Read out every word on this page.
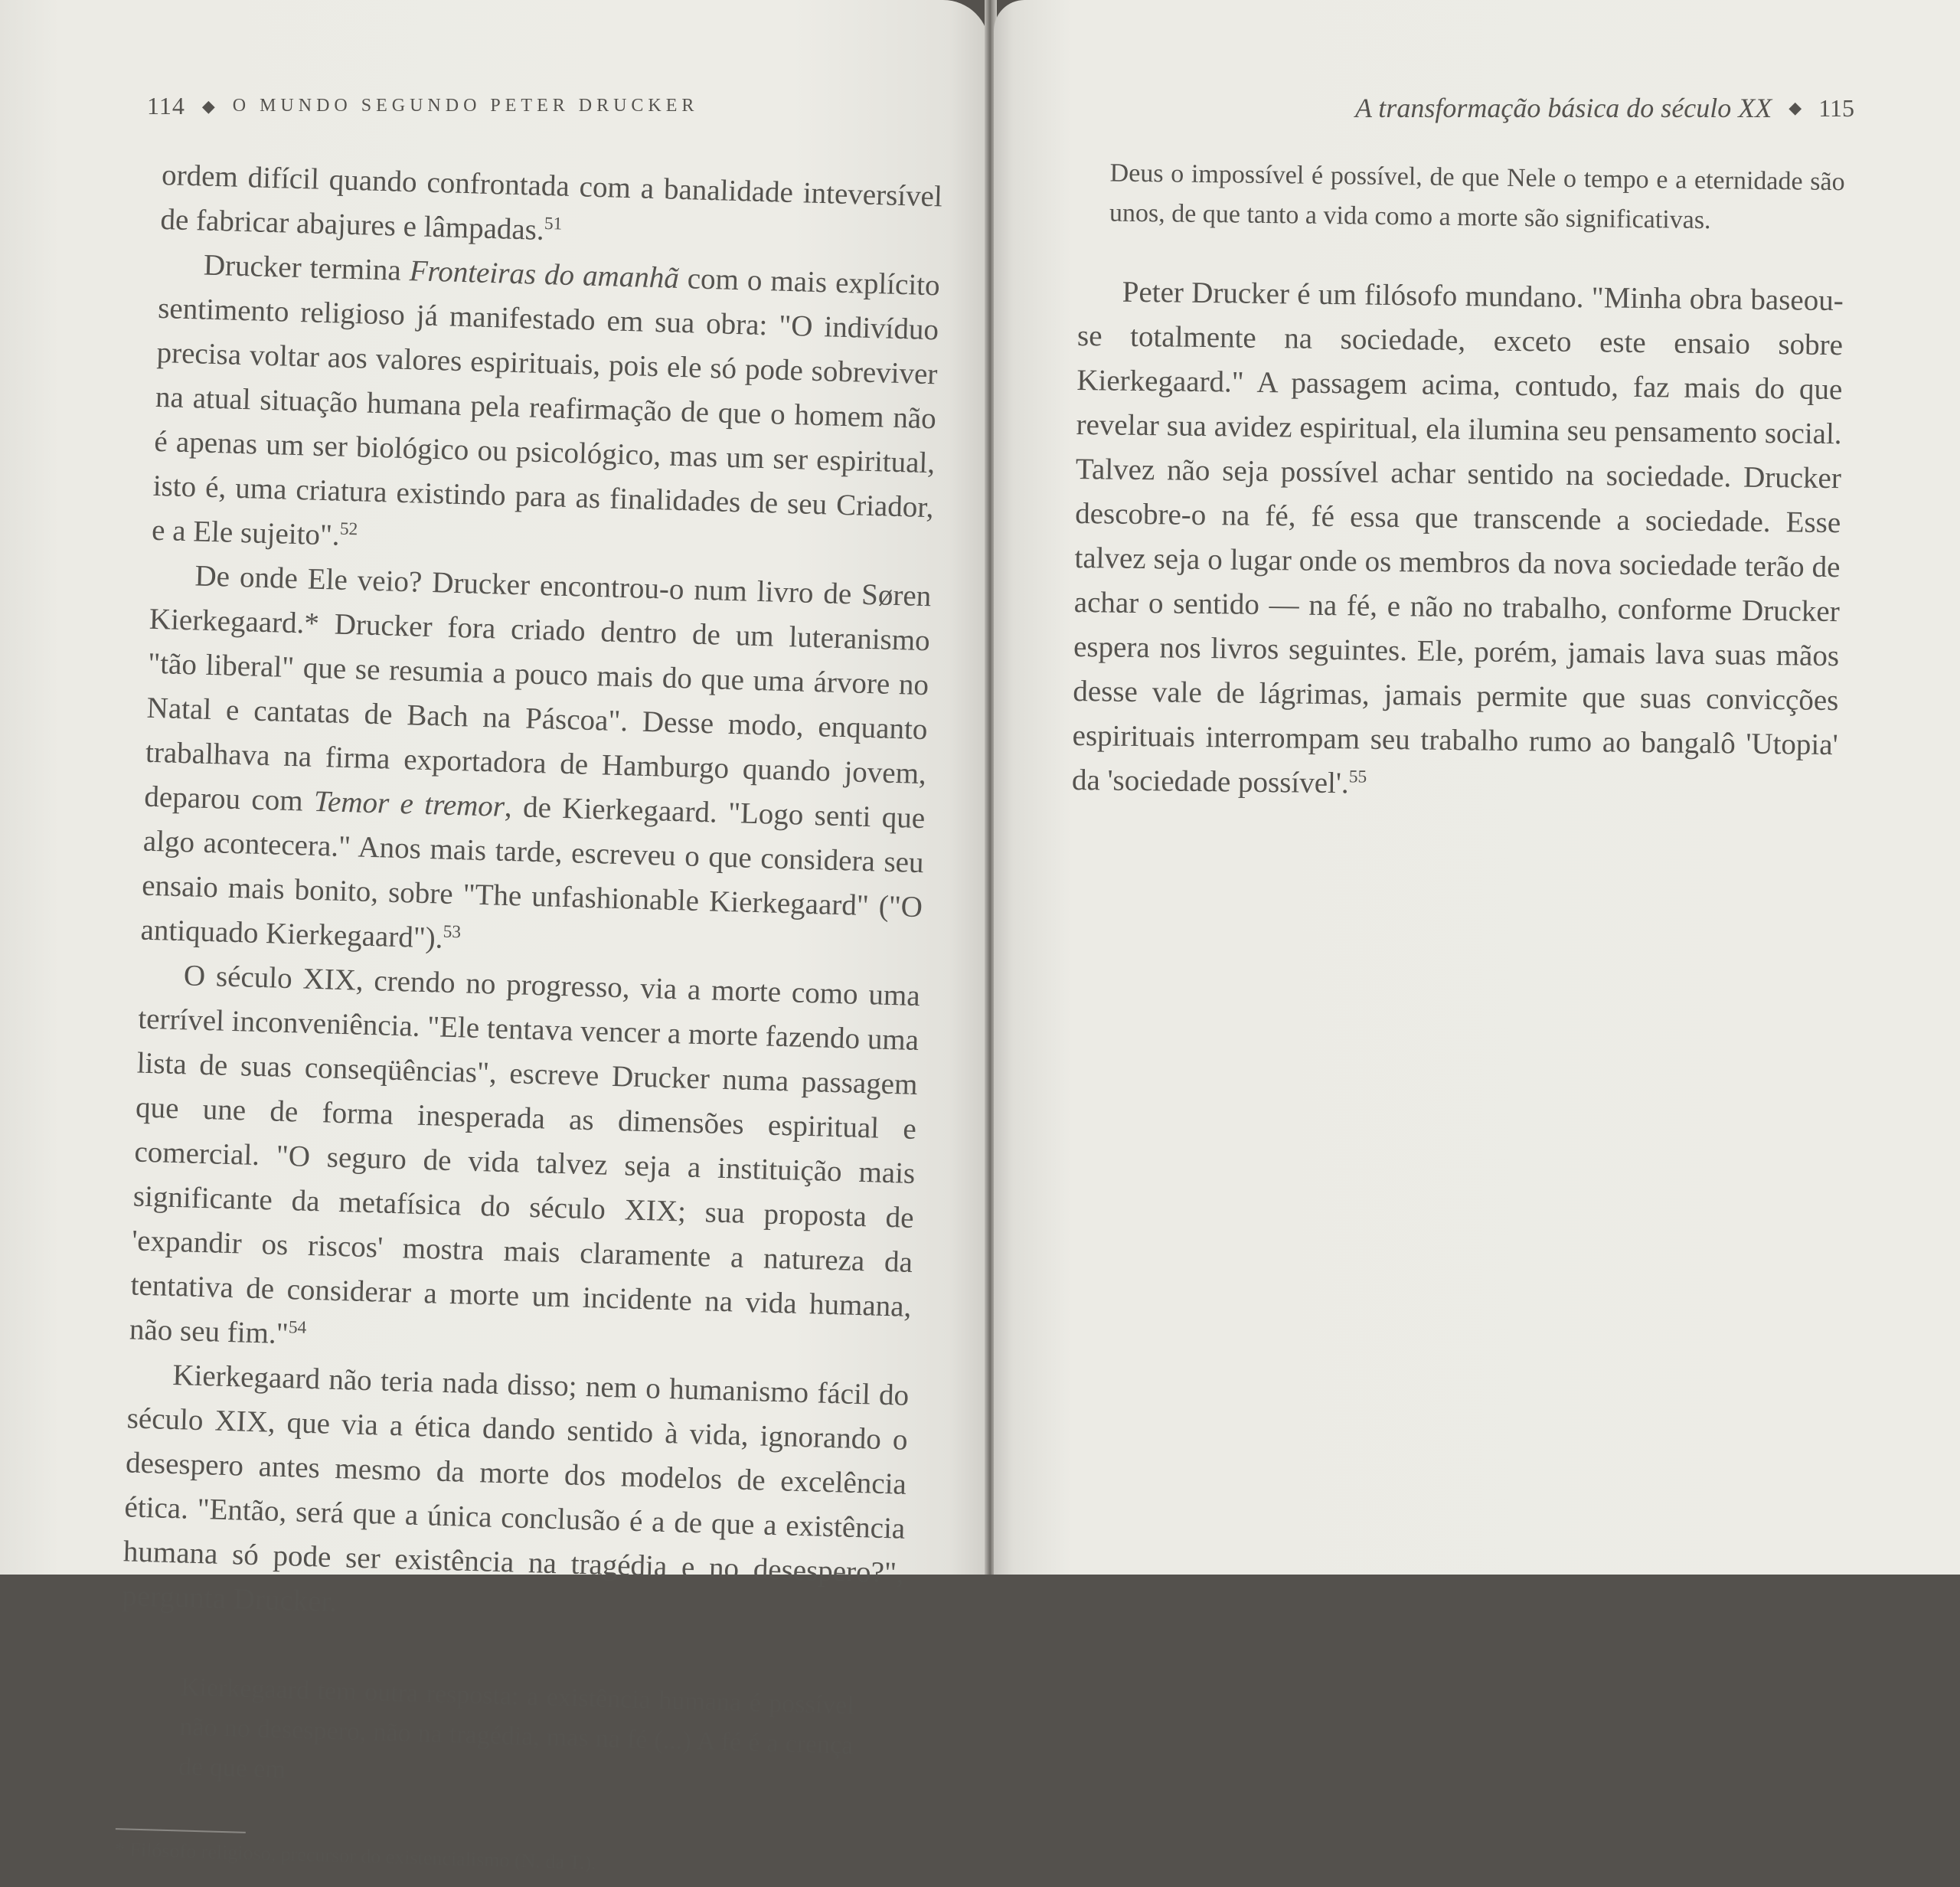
114 ◆ O MUNDO SEGUNDO PETER DRUCKER

ordem difícil quando confrontada com a banalidade inteversível de fabricar abajures e lâmpadas.$^{51}$

Drucker termina Fronteiras do amanhã com o mais explícito sentimento religioso já manifestado em sua obra: "O indivíduo precisa voltar aos valores espirituais, pois ele só pode sobreviver na atual situação humana pela reafirmação de que o homem não é apenas um ser biológico ou psicológico, mas um ser espiritual, isto é, uma criatura existindo para as finalidades de seu Criador, e a Ele sujeito".$^{52}$

De onde Ele veio? Drucker encontrou-o num livro de Søren Kierkegaard.* Drucker fora criado dentro de um luteranismo "tão liberal" que se resumia a pouco mais do que uma árvore no Natal e cantatas de Bach na Páscoa". Desse modo, enquanto trabalhava na firma exportadora de Hamburgo quando jovem, deparou com Temor e tremor, de Kierkegaard. "Logo senti que algo acontecera." Anos mais tarde, escreveu o que considera seu ensaio mais bonito, sobre "The unfashionable Kierkegaard" ("O antiquado Kierkegaard").$^{53}$

O século XIX, crendo no progresso, via a morte como uma terrível inconveniência. "Ele tentava vencer a morte fazendo uma lista de suas conseqüências", escreve Drucker numa passagem que une de forma inesperada as dimensões espiritual e comercial. "O seguro de vida talvez seja a instituição mais significante da metafísica do século XIX; sua proposta de 'expandir os riscos' mostra mais claramente a natureza da tentativa de considerar a morte um incidente na vida humana, não seu fim."$^{54}$

Kierkegaard não teria nada disso; nem o humanismo fácil do século XIX, que via a ética dando sentido à vida, ignorando o desespero antes mesmo da morte dos modelos de excelência ética. "Então, será que a única conclusão é a de que a existência humana só pode ser existência na tragédia e no desespero?", pergunta Drucker.

Kierkegaard tem outra resposta: a existência humana é possível não no desespero, não na tragédia, mas na fé (...) A fé é a crença de que em

* Filósofo religioso, precursor do existencialismo (N. da T.).

A transformação básica do século XX ◆ 115

Deus o impossível é possível, de que Nele o tempo e a eternidade são unos, de que tanto a vida como a morte são significativas.

Peter Drucker é um filósofo mundano. "Minha obra baseou-se totalmente na sociedade, exceto este ensaio sobre Kierkegaard." A passagem acima, contudo, faz mais do que revelar sua avidez espiritual, ela ilumina seu pensamento social. Talvez não seja possível achar sentido na sociedade. Drucker descobre-o na fé, fé essa que transcende a sociedade. Esse talvez seja o lugar onde os membros da nova sociedade terão de achar o sentido — na fé, e não no trabalho, conforme Drucker espera nos livros seguintes. Ele, porém, jamais lava suas mãos desse vale de lágrimas, jamais permite que suas convicções espirituais interrompam seu trabalho rumo ao bangalô 'Utopia' da 'sociedade possível'.$^{55}$
